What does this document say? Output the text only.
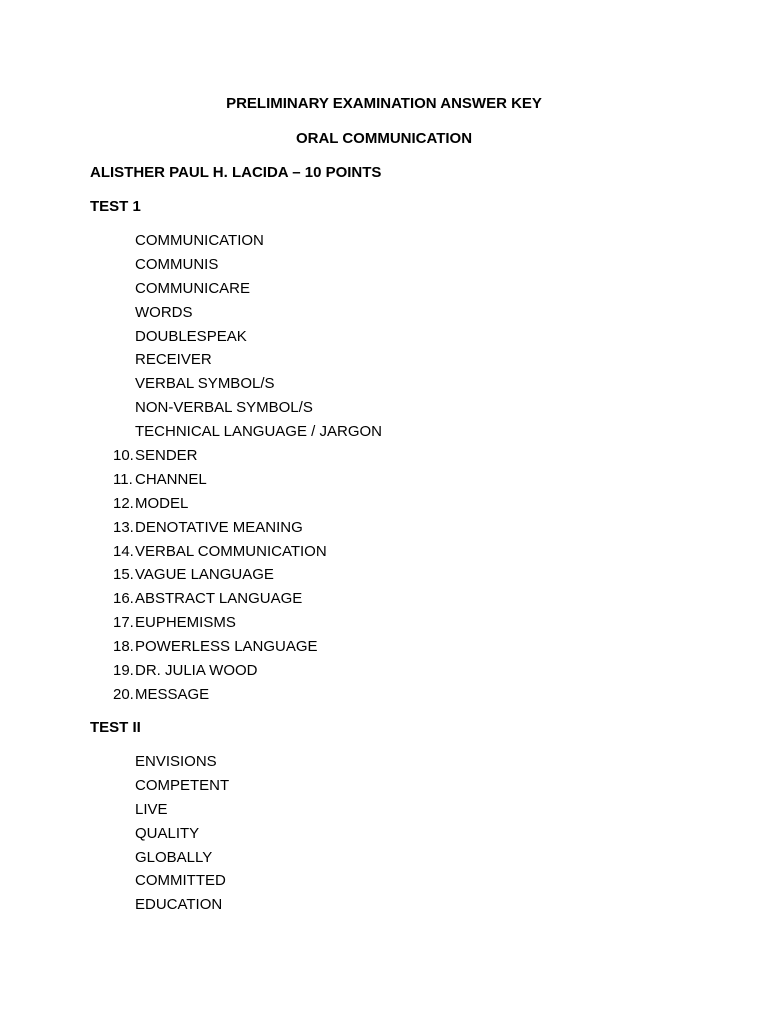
PRELIMINARY EXAMINATION ANSWER KEY
ORAL COMMUNICATION
ALISTHER PAUL H. LACIDA – 10 POINTS
TEST 1
COMMUNICATION
COMMUNIS
COMMUNICARE
WORDS
DOUBLESPEAK
RECEIVER
VERBAL SYMBOL/S
NON-VERBAL SYMBOL/S
TECHNICAL LANGUAGE / JARGON
10. SENDER
11. CHANNEL
12. MODEL
13. DENOTATIVE MEANING
14. VERBAL COMMUNICATION
15. VAGUE LANGUAGE
16. ABSTRACT LANGUAGE
17. EUPHEMISMS
18. POWERLESS LANGUAGE
19. DR. JULIA WOOD
20. MESSAGE
TEST II
ENVISIONS
COMPETENT
LIVE
QUALITY
GLOBALLY
COMMITTED
EDUCATION
